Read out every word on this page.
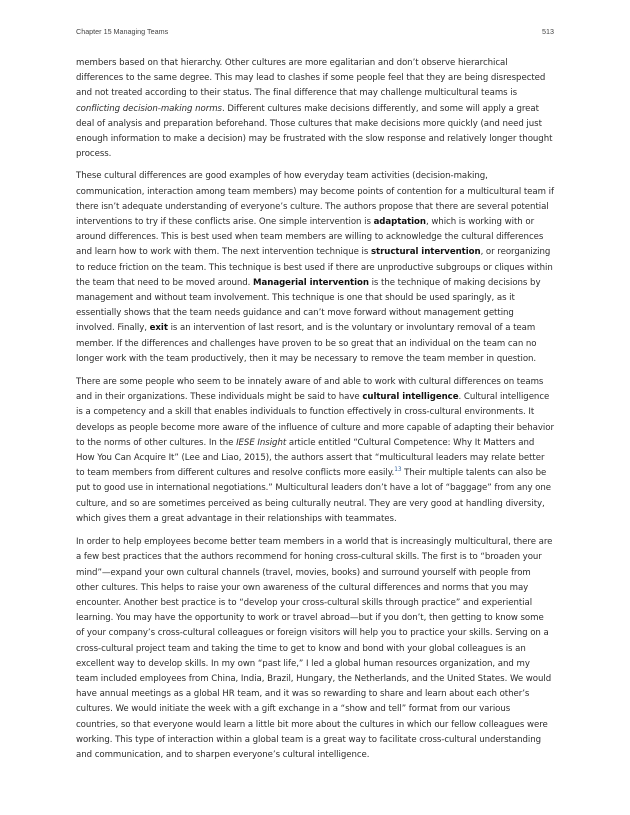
Chapter 15 Managing Teams	513

members based on that hierarchy. Other cultures are more egalitarian and don’t observe hierarchical differences to the same degree. This may lead to clashes if some people feel that they are being disrespected and not treated according to their status. The final difference that may challenge multicultural teams is conflicting decision-making norms. Different cultures make decisions differently, and some will apply a great deal of analysis and preparation beforehand. Those cultures that make decisions more quickly (and need just enough information to make a decision) may be frustrated with the slow response and relatively longer thought process.

These cultural differences are good examples of how everyday team activities (decision-making, communication, interaction among team members) may become points of contention for a multicultural team if there isn’t adequate understanding of everyone’s culture. The authors propose that there are several potential interventions to try if these conflicts arise. One simple intervention is adaptation, which is working with or around differences. This is best used when team members are willing to acknowledge the cultural differences and learn how to work with them. The next intervention technique is structural intervention, or reorganizing to reduce friction on the team. This technique is best used if there are unproductive subgroups or cliques within the team that need to be moved around. Managerial intervention is the technique of making decisions by management and without team involvement. This technique is one that should be used sparingly, as it essentially shows that the team needs guidance and can’t move forward without management getting involved. Finally, exit is an intervention of last resort, and is the voluntary or involuntary removal of a team member. If the differences and challenges have proven to be so great that an individual on the team can no longer work with the team productively, then it may be necessary to remove the team member in question.

There are some people who seem to be innately aware of and able to work with cultural differences on teams and in their organizations. These individuals might be said to have cultural intelligence. Cultural intelligence is a competency and a skill that enables individuals to function effectively in cross-cultural environments. It develops as people become more aware of the influence of culture and more capable of adapting their behavior to the norms of other cultures. In the IESE Insight article entitled “Cultural Competence: Why It Matters and How You Can Acquire It” (Lee and Liao, 2015), the authors assert that “multicultural leaders may relate better to team members from different cultures and resolve conflicts more easily.$^{13}$ Their multiple talents can also be put to good use in international negotiations.” Multicultural leaders don’t have a lot of “baggage” from any one culture, and so are sometimes perceived as being culturally neutral. They are very good at handling diversity, which gives them a great advantage in their relationships with teammates.

In order to help employees become better team members in a world that is increasingly multicultural, there are a few best practices that the authors recommend for honing cross-cultural skills. The first is to “broaden your mind”—expand your own cultural channels (travel, movies, books) and surround yourself with people from other cultures. This helps to raise your own awareness of the cultural differences and norms that you may encounter. Another best practice is to “develop your cross-cultural skills through practice” and experiential learning. You may have the opportunity to work or travel abroad—but if you don’t, then getting to know some of your company’s cross-cultural colleagues or foreign visitors will help you to practice your skills. Serving on a cross-cultural project team and taking the time to get to know and bond with your global colleagues is an excellent way to develop skills. In my own “past life,” I led a global human resources organization, and my team included employees from China, India, Brazil, Hungary, the Netherlands, and the United States. We would have annual meetings as a global HR team, and it was so rewarding to share and learn about each other’s cultures. We would initiate the week with a gift exchange in a “show and tell” format from our various countries, so that everyone would learn a little bit more about the cultures in which our fellow colleagues were working. This type of interaction within a global team is a great way to facilitate cross-cultural understanding and communication, and to sharpen everyone’s cultural intelligence.
